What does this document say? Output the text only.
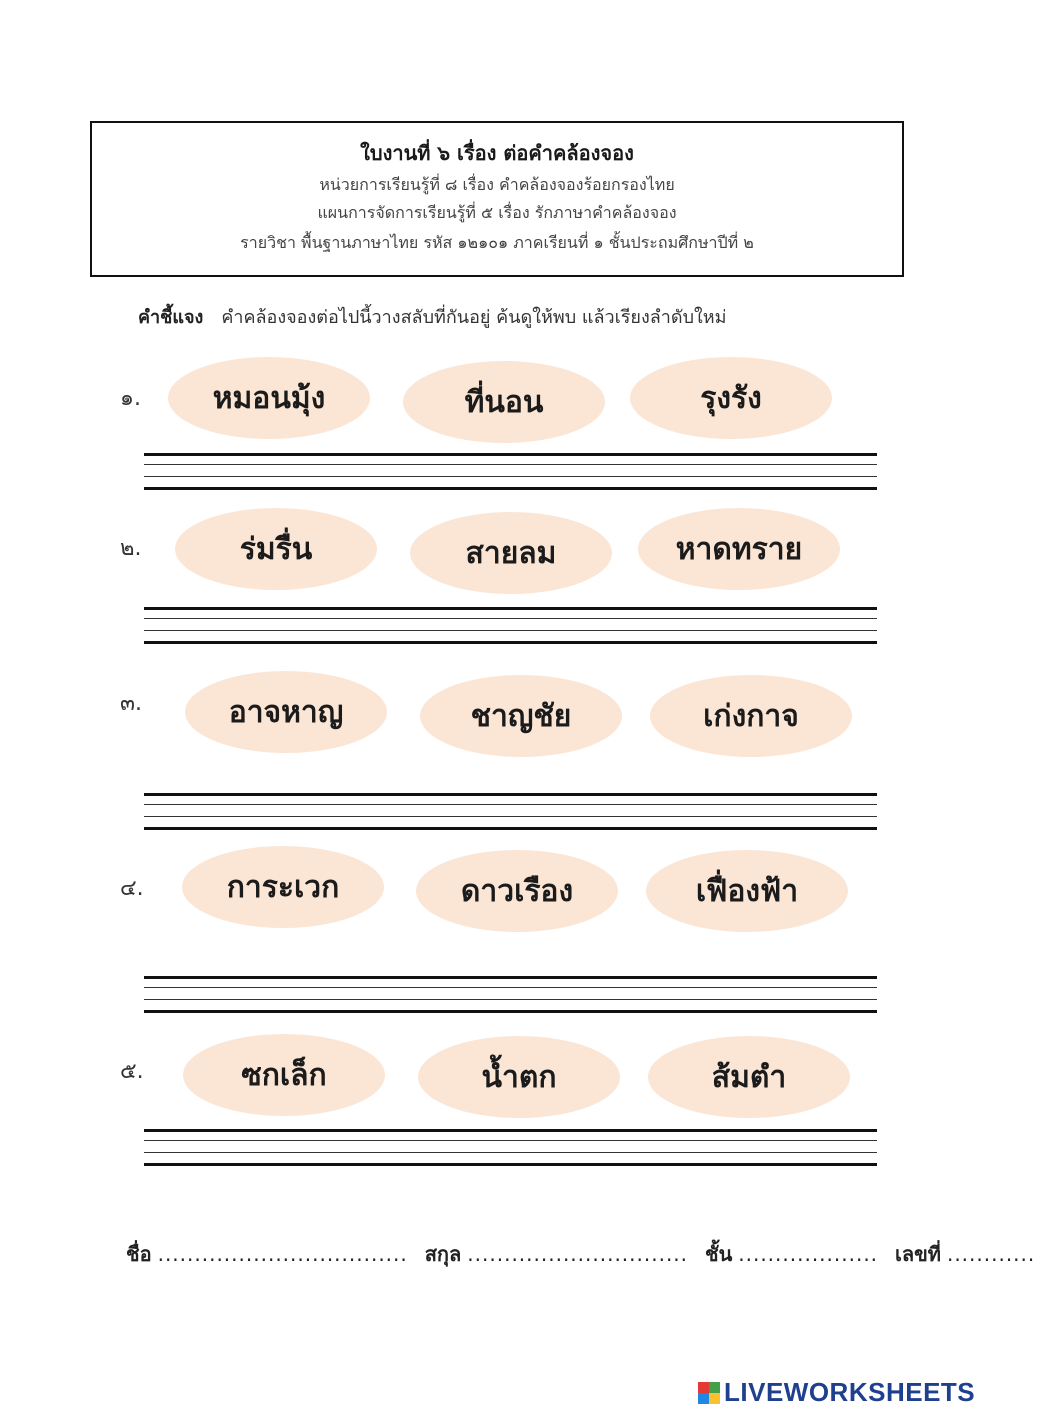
ใบงานที่ ๖ เรื่อง ต่อคำคล้องจอง
หน่วยการเรียนรู้ที่ ๘ เรื่อง คำคล้องจองร้อยกรองไทย
แผนการจัดการเรียนรู้ที่ ๕ เรื่อง รักภาษาคำคล้องจอง
รายวิชา พื้นฐานภาษาไทย รหัส ๑๒๑๐๑ ภาคเรียนที่ ๑ ชั้นประถมศึกษาปีที่ ๒
คำชี้แจง คำคล้องจองต่อไปนี้วางสลับที่กันอยู่ ค้นดูให้พบ แล้วเรียงลำดับใหม่
๑.	หมอนมุ้ง	ที่นอน	รุงรัง
๒.	ร่มรื่น	สายลม	หาดทราย
๓.	อาจหาญ	ชาญชัย	เก่งกาจ
๔.	การะเวก	ดาวเรือง	เฟื่องฟ้า
๕.	ซกเล็ก	น้ำตก	ส้มตำ
ชื่อ .................................. สกุล .............................. ชั้น ................... เลขที่ ............
LIVEWORKSHEETS
